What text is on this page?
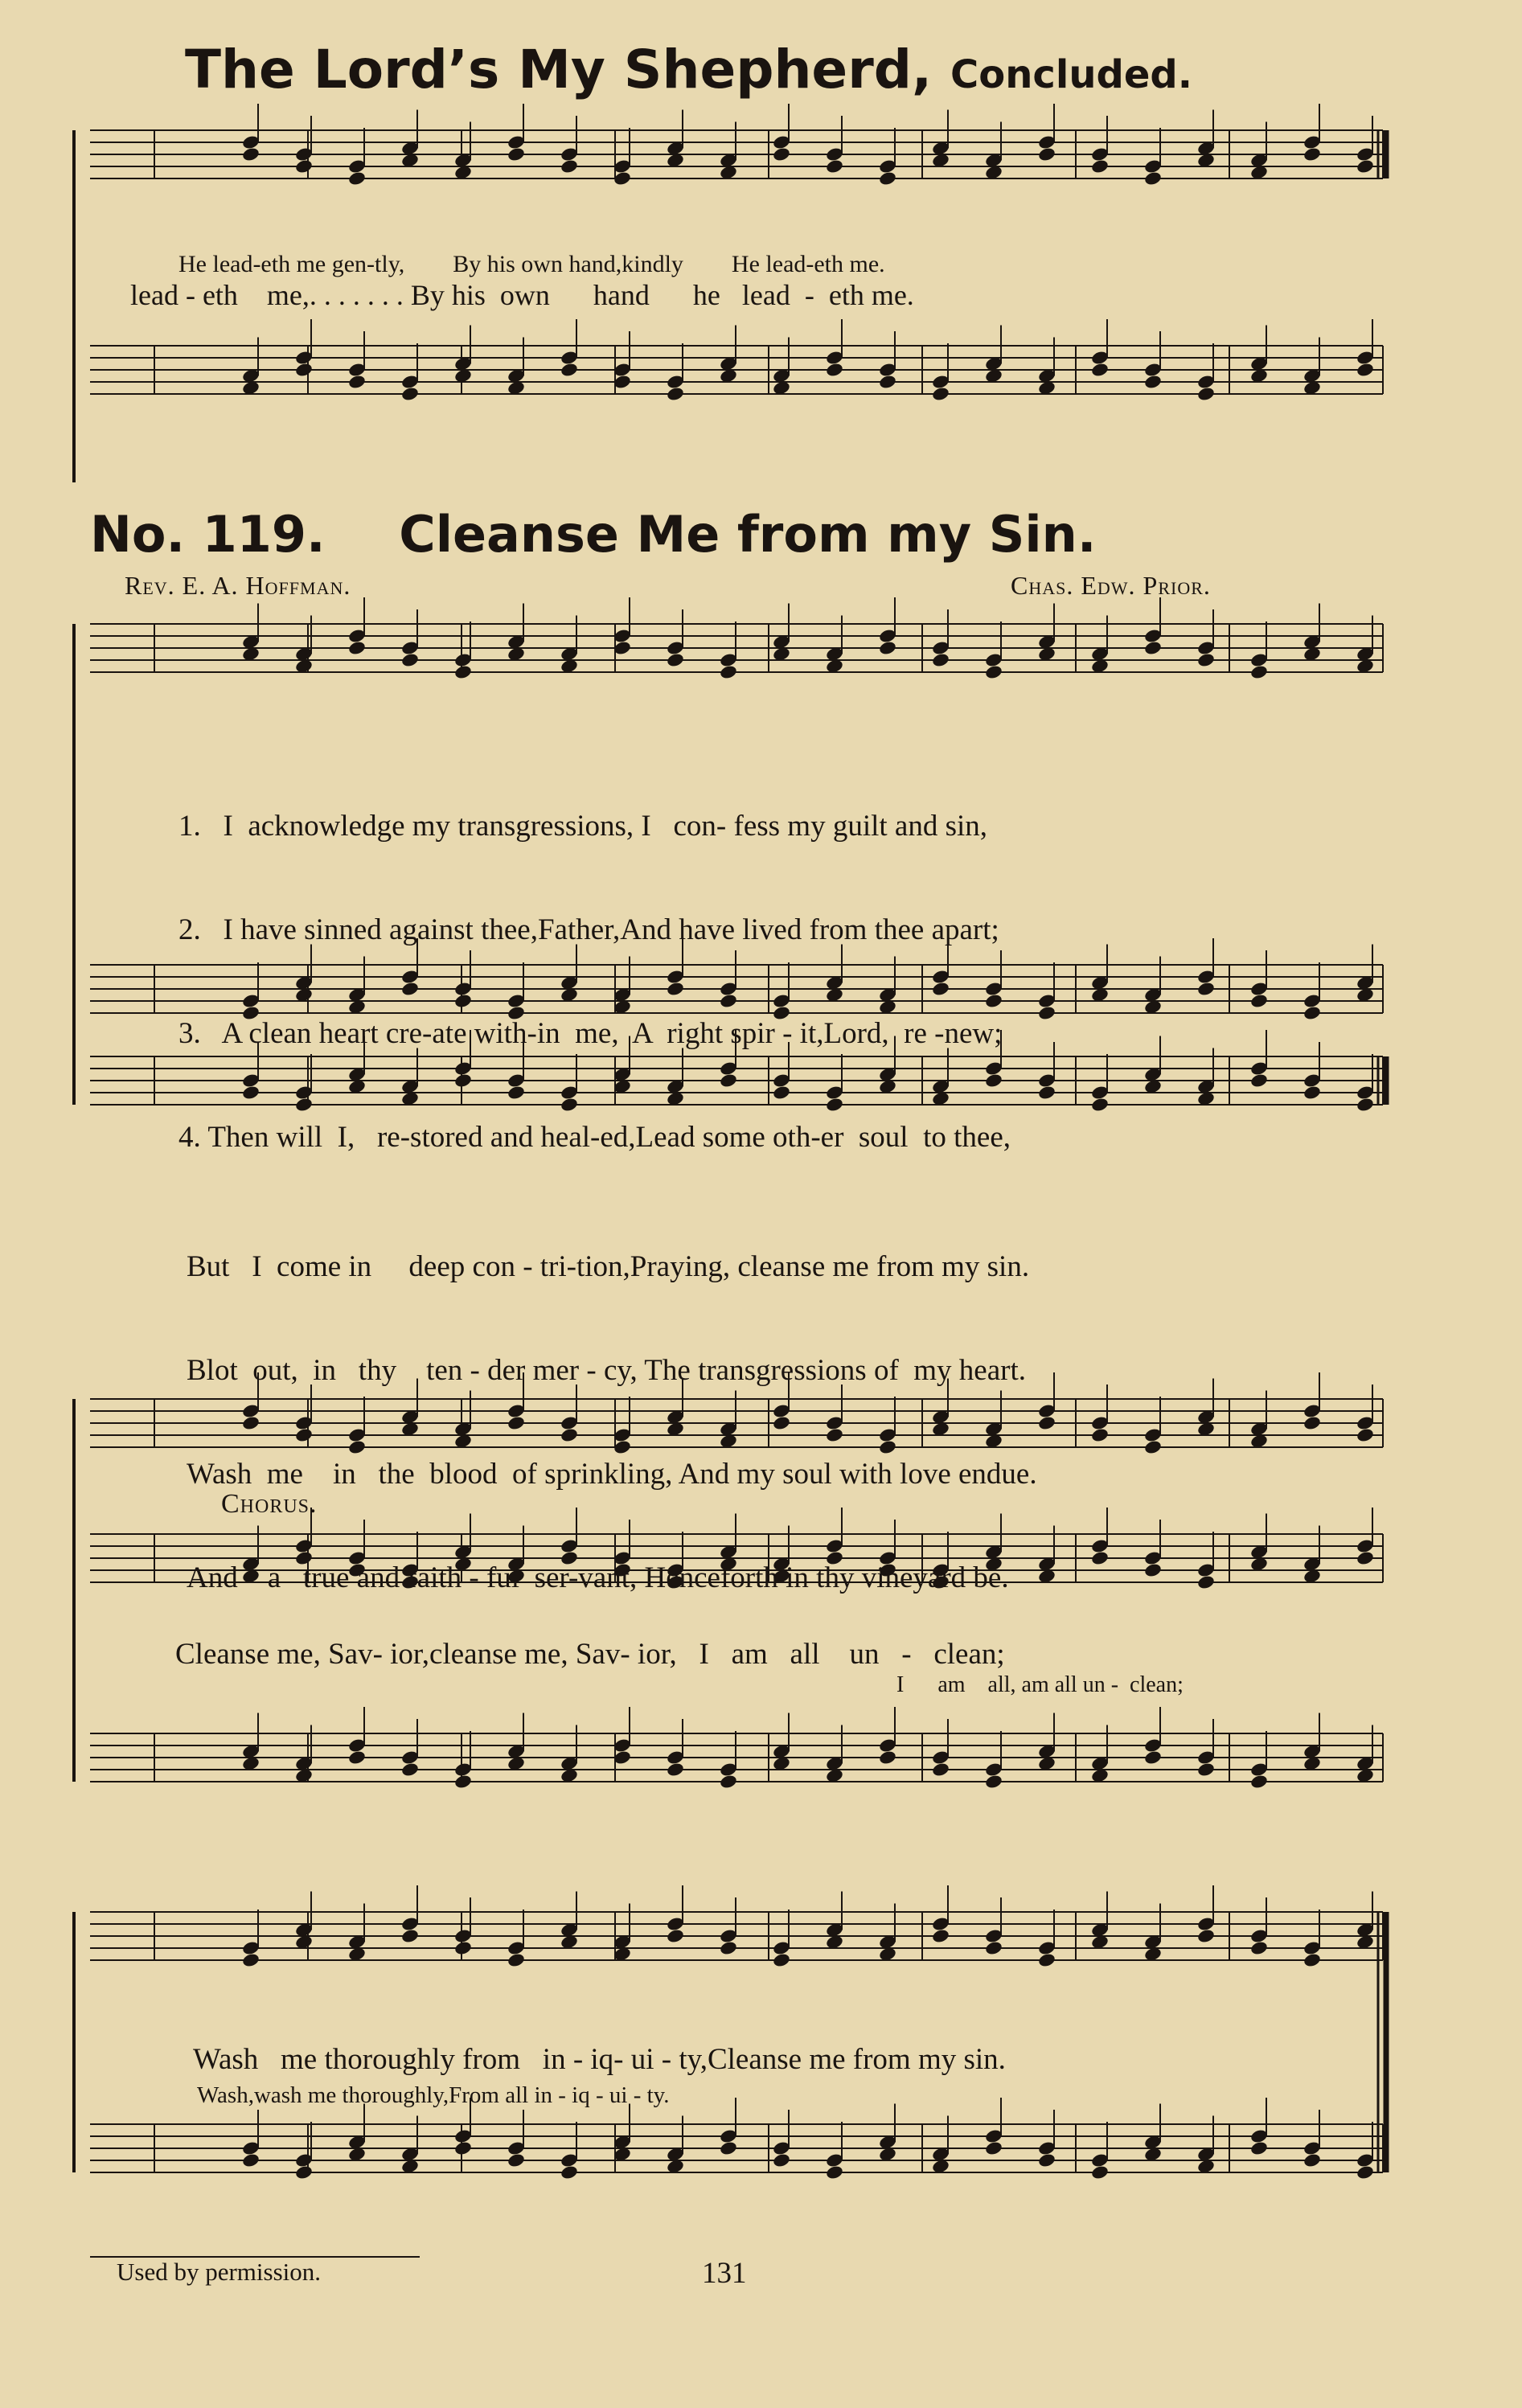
The Lord’s My Shepherd, Concluded.
He lead-eth me gen-tly,        By his own hand,kindly        He lead-eth me.
lead - eth    me,. . . . . . . By his  own      hand      he   lead  -  eth me.
No. 119. Cleanse Me from my Sin.
Rev. E. A. Hoffman.	Chas. Edw. Prior.

1.   I  acknowledge my transgressions, I   con- fess my guilt and sin,

2.   I have sinned against thee,Father,And have lived from thee apart;

3.   A clean heart cre-ate with-in  me,  A  right spir - it,Lord,  re -new;

4. Then will  I,   re-stored and heal-ed,Lead some oth-er  soul  to thee,

But   I  come in     deep con - tri-tion,Praying, cleanse me from my sin.

Blot  out,  in   thy    ten - der mer - cy, The transgressions of  my heart.

Wash  me    in   the  blood  of sprinkling, And my soul with love endue.

And    a   true and faith - ful  ser-vant, Henceforth in thy vineyard be.

Chorus.
Cleanse me, Sav- ior,cleanse me, Sav- ior,   I   am   all    un   -   clean;
I      am    all, am all un -  clean;
Wash   me thoroughly from   in - iq- ui - ty,Cleanse me from my sin.
Wash,wash me thoroughly,From all in - iq - ui - ty.
Used by permission.	131
